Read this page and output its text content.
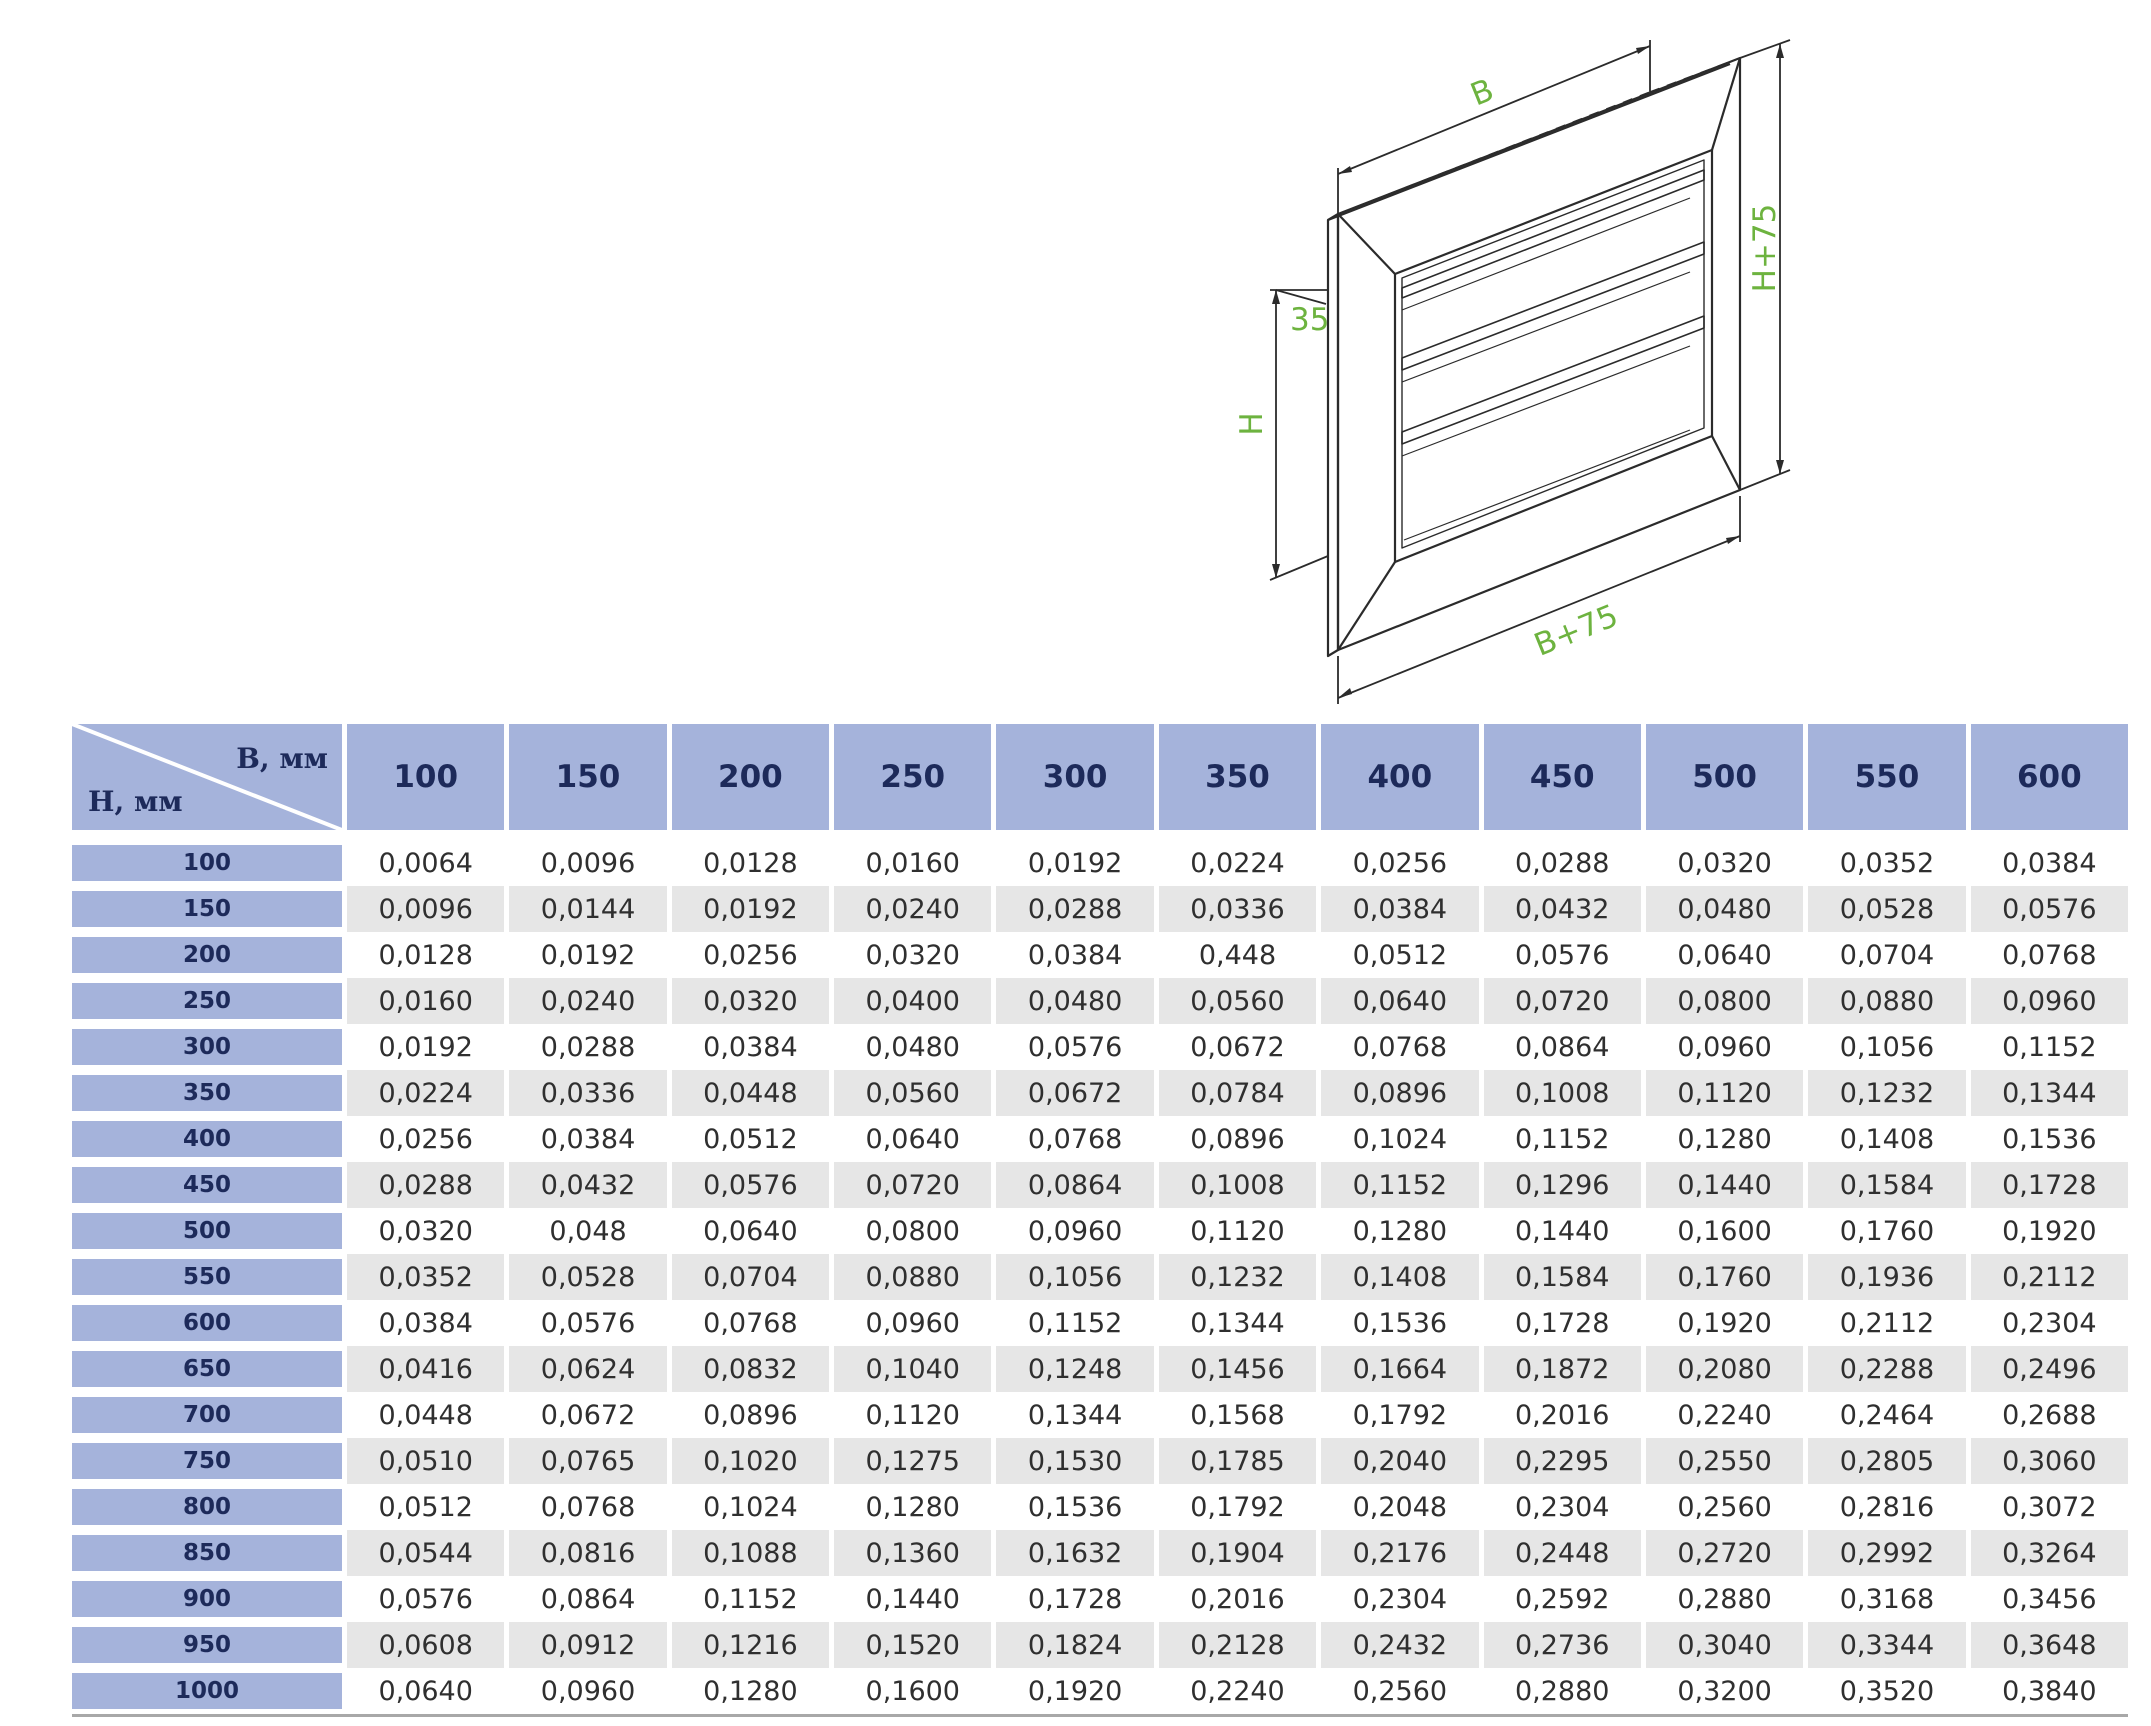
B
H+75
35
H
B+75
B, мм
H, мм
100	150	200	250	300	350	400	450	500	550	600
100	0,0064	0,0096	0,0128	0,0160	0,0192	0,0224	0,0256	0,0288	0,0320	0,0352	0,0384
150	0,0096	0,0144	0,0192	0,0240	0,0288	0,0336	0,0384	0,0432	0,0480	0,0528	0,0576
200	0,0128	0,0192	0,0256	0,0320	0,0384	0,448	0,0512	0,0576	0,0640	0,0704	0,0768
250	0,0160	0,0240	0,0320	0,0400	0,0480	0,0560	0,0640	0,0720	0,0800	0,0880	0,0960
300	0,0192	0,0288	0,0384	0,0480	0,0576	0,0672	0,0768	0,0864	0,0960	0,1056	0,1152
350	0,0224	0,0336	0,0448	0,0560	0,0672	0,0784	0,0896	0,1008	0,1120	0,1232	0,1344
400	0,0256	0,0384	0,0512	0,0640	0,0768	0,0896	0,1024	0,1152	0,1280	0,1408	0,1536
450	0,0288	0,0432	0,0576	0,0720	0,0864	0,1008	0,1152	0,1296	0,1440	0,1584	0,1728
500	0,0320	0,048	0,0640	0,0800	0,0960	0,1120	0,1280	0,1440	0,1600	0,1760	0,1920
550	0,0352	0,0528	0,0704	0,0880	0,1056	0,1232	0,1408	0,1584	0,1760	0,1936	0,2112
600	0,0384	0,0576	0,0768	0,0960	0,1152	0,1344	0,1536	0,1728	0,1920	0,2112	0,2304
650	0,0416	0,0624	0,0832	0,1040	0,1248	0,1456	0,1664	0,1872	0,2080	0,2288	0,2496
700	0,0448	0,0672	0,0896	0,1120	0,1344	0,1568	0,1792	0,2016	0,2240	0,2464	0,2688
750	0,0510	0,0765	0,1020	0,1275	0,1530	0,1785	0,2040	0,2295	0,2550	0,2805	0,3060
800	0,0512	0,0768	0,1024	0,1280	0,1536	0,1792	0,2048	0,2304	0,2560	0,2816	0,3072
850	0,0544	0,0816	0,1088	0,1360	0,1632	0,1904	0,2176	0,2448	0,2720	0,2992	0,3264
900	0,0576	0,0864	0,1152	0,1440	0,1728	0,2016	0,2304	0,2592	0,2880	0,3168	0,3456
950	0,0608	0,0912	0,1216	0,1520	0,1824	0,2128	0,2432	0,2736	0,3040	0,3344	0,3648
1000	0,0640	0,0960	0,1280	0,1600	0,1920	0,2240	0,2560	0,2880	0,3200	0,3520	0,3840
